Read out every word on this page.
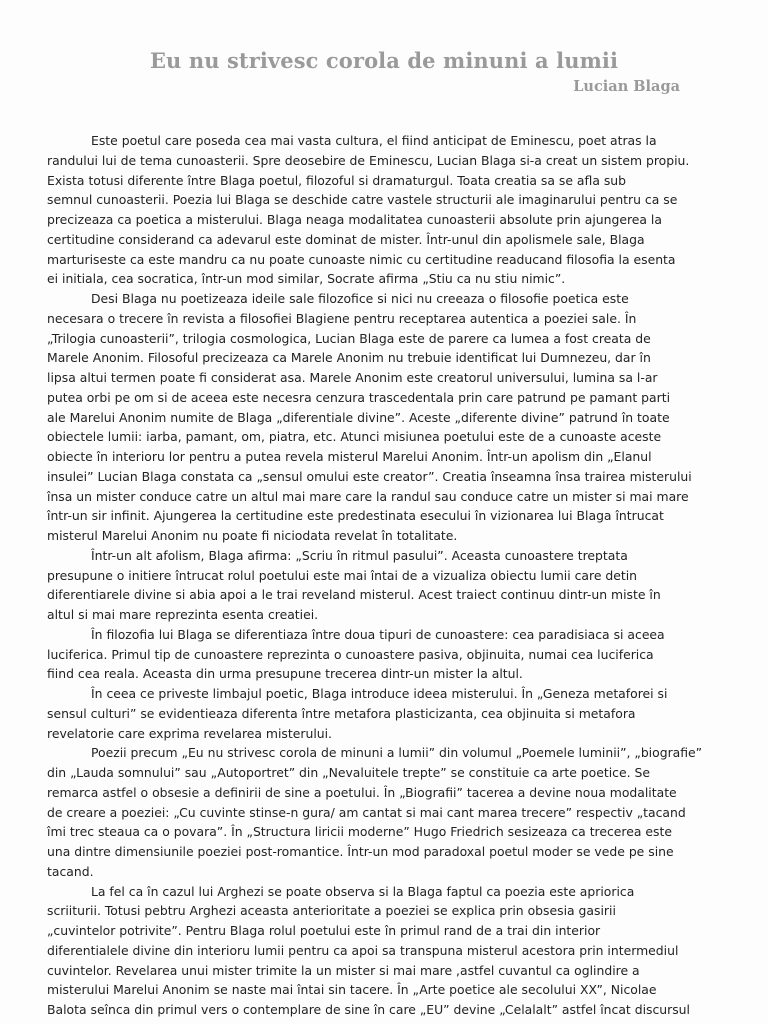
Eu nu strivesc corola de minuni a lumii
Lucian Blaga
Este poetul care poseda cea mai vasta cultura, el fiind anticipat de Eminescu, poet atras la
randului lui de tema cunoasterii. Spre deosebire de Eminescu, Lucian Blaga si-a creat un sistem propiu.
Exista totusi diferente între Blaga poetul, filozoful si dramaturgul. Toata creatia sa se afla sub
semnul cunoasterii. Poezia lui Blaga se deschide catre vastele structurii ale imaginarului pentru ca se
precizeaza ca poetica a misterului. Blaga neaga modalitatea cunoasterii absolute prin ajungerea la
certitudine considerand ca adevarul este dominat de mister. Într-unul din apolismele sale, Blaga
marturiseste ca este mandru ca nu poate cunoaste nimic cu certitudine readucand filosofia la esenta
ei initiala, cea socratica, într-un mod similar, Socrate afirma „Stiu ca nu stiu nimic”.
Desi Blaga nu poetizeaza ideile sale filozofice si nici nu creeaza o filosofie poetica este
necesara o trecere în revista a filosofiei Blagiene pentru receptarea autentica a poeziei sale. În
„Trilogia cunoasterii”, trilogia cosmologica, Lucian Blaga este de parere ca lumea a fost creata de
Marele Anonim. Filosoful precizeaza ca Marele Anonim nu trebuie identificat lui Dumnezeu, dar în
lipsa altui termen poate fi considerat asa. Marele Anonim este creatorul universului, lumina sa l-ar
putea orbi pe om si de aceea este necesra cenzura trascedentala prin care patrund pe pamant parti
ale Marelui Anonim numite de Blaga „diferentiale divine”. Aceste „diferente divine” patrund în toate
obiectele lumii: iarba, pamant, om, piatra, etc. Atunci misiunea poetului este de a cunoaste aceste
obiecte în interioru lor pentru a putea revela misterul Marelui Anonim. Într-un apolism din „Elanul
insulei” Lucian Blaga constata ca „sensul omului este creator”. Creatia înseamna însa trairea misterului
însa un mister conduce catre un altul mai mare care la randul sau conduce catre un mister si mai mare
într-un sir infinit. Ajungerea la certitudine este predestinata esecului în vizionarea lui Blaga întrucat
misterul Marelui Anonim nu poate fi niciodata revelat în totalitate.
Într-un alt afolism, Blaga afirma: „Scriu în ritmul pasului”. Aceasta cunoastere treptata
presupune o initiere întrucat rolul poetului este mai întai de a vizualiza obiectu lumii care detin
diferentiarele divine si abia apoi a le trai reveland misterul. Acest traiect continuu dintr-un miste în
altul si mai mare reprezinta esenta creatiei.
În filozofia lui Blaga se diferentiaza între doua tipuri de cunoastere: cea paradisiaca si aceea
luciferica. Primul tip de cunoastere reprezinta o cunoastere pasiva, objinuita, numai cea luciferica
fiind cea reala. Aceasta din urma presupune trecerea dintr-un mister la altul.
În ceea ce priveste limbajul poetic, Blaga introduce ideea misterului. În „Geneza metaforei si
sensul culturi” se evidentieaza diferenta între metafora plasticizanta, cea objinuita si metafora
revelatorie care exprima revelarea misterului.
Poezii precum „Eu nu strivesc corola de minuni a lumii” din volumul „Poemele luminii”, „biografie”
din „Lauda somnului” sau „Autoportret” din „Nevaluitele trepte” se constituie ca arte poetice. Se
remarca astfel o obsesie a definirii de sine a poetului. În „Biografii” tacerea a devine noua modalitate
de creare a poeziei: „Cu cuvinte stinse-n gura/ am cantat si mai cant marea trecere” respectiv „tacand
îmi trec steaua ca o povara”. În „Structura liricii moderne” Hugo Friedrich sesizeaza ca trecerea este
una dintre dimensiunile poeziei post-romantice. Într-un mod paradoxal poetul moder se vede pe sine
tacand.
La fel ca în cazul lui Arghezi se poate observa si la Blaga faptul ca poezia este apriorica
scriiturii. Totusi pebtru Arghezi aceasta anterioritate a poeziei se explica prin obsesia gasirii
„cuvintelor potrivite”. Pentru Blaga rolul poetului este în primul rand de a trai din interior
diferentialele divine din interioru lumii pentru ca apoi sa transpuna misterul acestora prin intermediul
cuvintelor. Revelarea unui mister trimite la un mister si mai mare ,astfel cuvantul ca oglindire a
misterului Marelui Anonim se naste mai întai sin tacere. În „Arte poetice ale secolului XX”, Nicolae
Balota seînca din primul vers o contemplare de sine în care „EU” devine „Celalalt” astfel încat discursul
